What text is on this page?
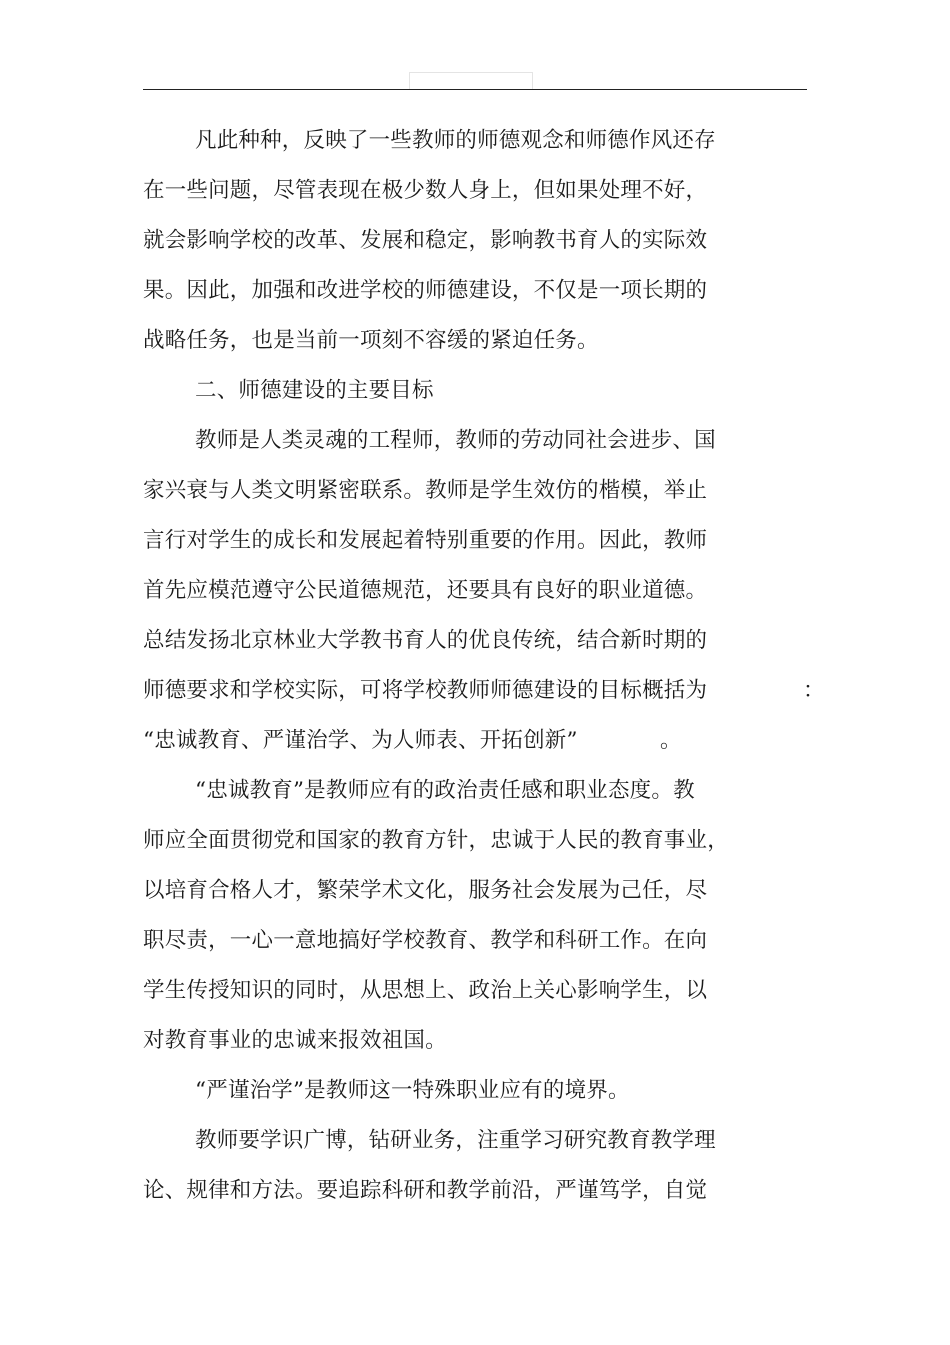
凡此种种，反映了一些教师的师德观念和师德作风还存
在一些问题，尽管表现在极少数人身上，但如果处理不好，
就会影响学校的改革、发展和稳定，影响教书育人的实际效
果。因此，加强和改进学校的师德建设，不仅是一项长期的
战略任务，也是当前一项刻不容缓的紧迫任务。
二、师德建设的主要目标
教师是人类灵魂的工程师，教师的劳动同社会进步、国
家兴衰与人类文明紧密联系。教师是学生效仿的楷模，举止
言行对学生的成长和发展起着特别重要的作用。因此，教师
首先应模范遵守公民道德规范，还要具有良好的职业道德。
总结发扬北京林业大学教书育人的优良传统，结合新时期的
师德要求和学校实际，可将学校教师师德建设的目标概括为	：
“忠诚教育、严谨治学、为人师表、开拓创新”	。
“忠诚教育”是教师应有的政治责任感和职业态度。教
师应全面贯彻党和国家的教育方针，忠诚于人民的教育事业，
以培育合格人才，繁荣学术文化，服务社会发展为己任，尽
职尽责，一心一意地搞好学校教育、教学和科研工作。在向
学生传授知识的同时，从思想上、政治上关心影响学生，以
对教育事业的忠诚来报效祖国。
“严谨治学”是教师这一特殊职业应有的境界。
教师要学识广博，钻研业务，注重学习研究教育教学理
论、规律和方法。要追踪科研和教学前沿，严谨笃学，自觉
